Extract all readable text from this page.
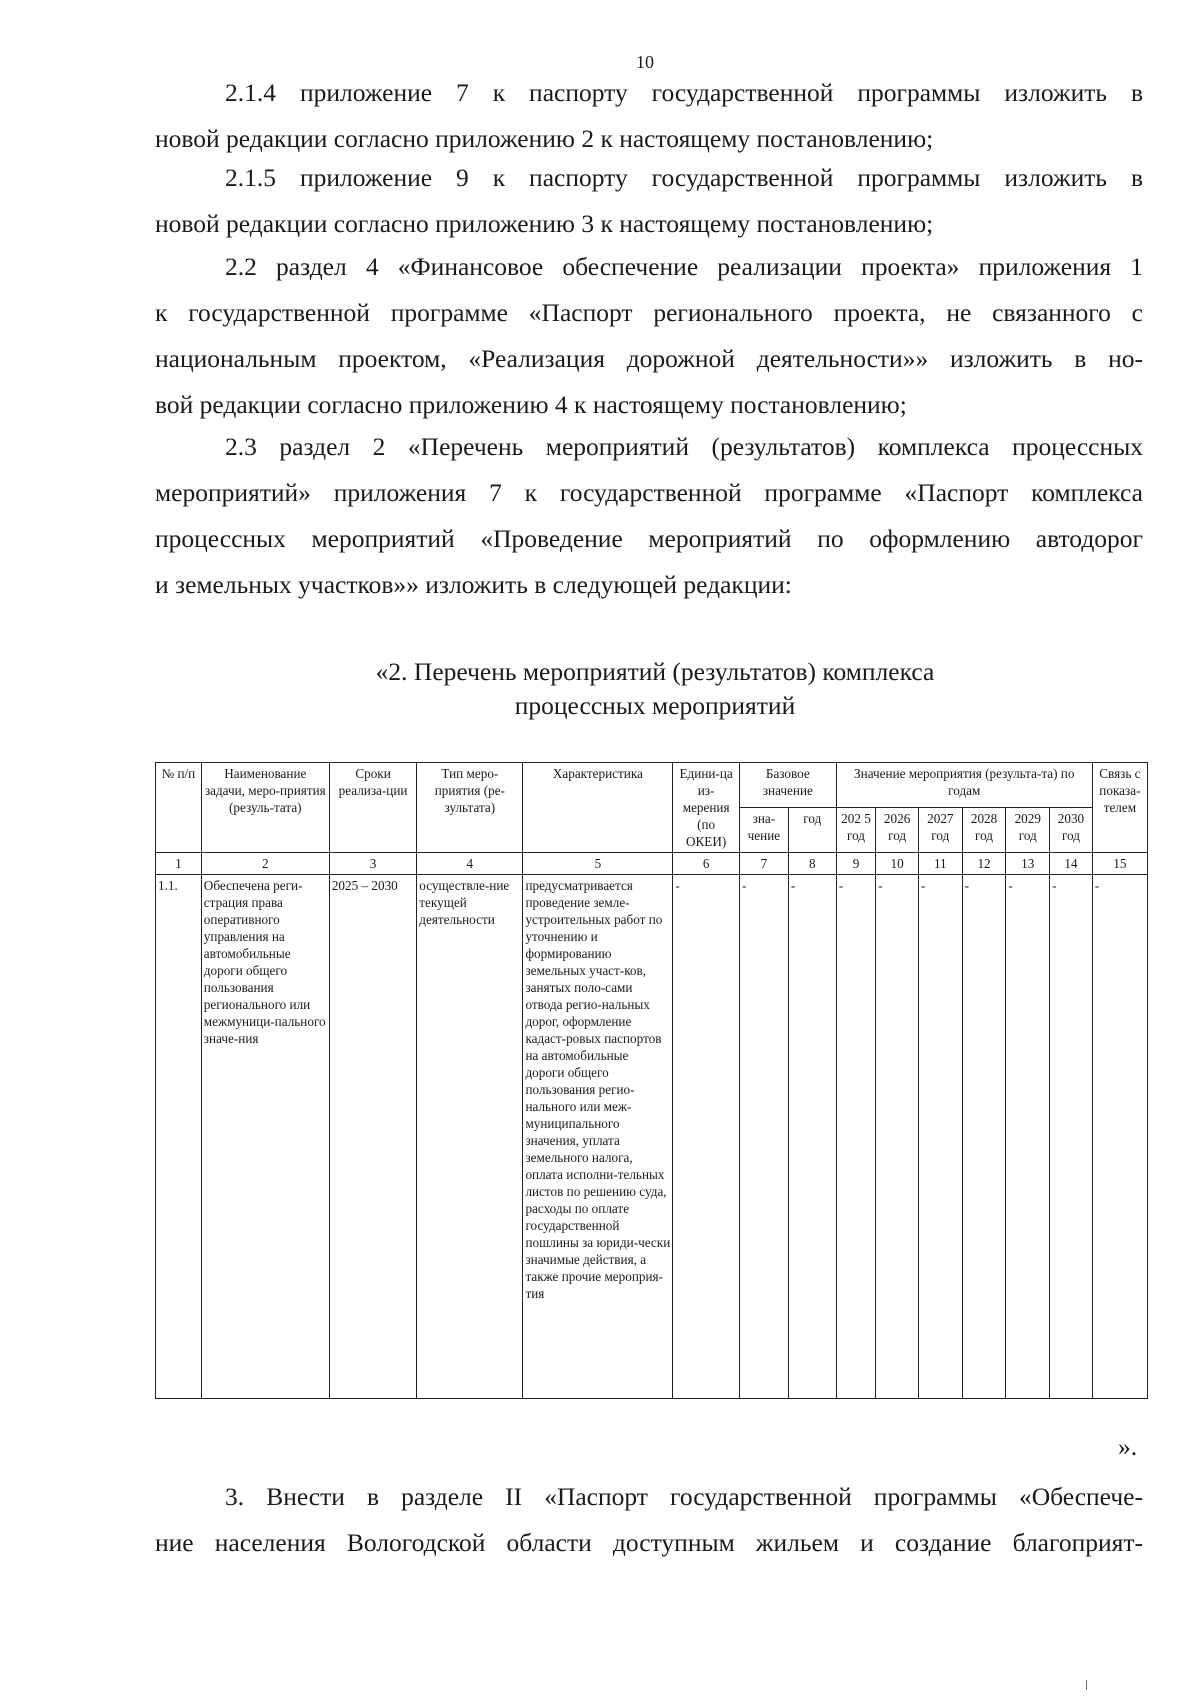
10
2.1.4 приложение 7 к паспорту государственной программы изложить в
новой редакции согласно приложению 2 к настоящему постановлению;
2.1.5 приложение 9 к паспорту государственной программы изложить в
новой редакции согласно приложению 3 к настоящему постановлению;
2.2 раздел 4 «Финансовое обеспечение реализации проекта» приложения 1
к государственной программе «Паспорт регионального проекта, не связанного с
национальным проектом, «Реализация дорожной деятельности»» изложить в но-
вой редакции согласно приложению 4 к настоящему постановлению;
2.3 раздел 2 «Перечень мероприятий (результатов) комплекса процессных
мероприятий» приложения 7 к государственной программе «Паспорт комплекса
процессных мероприятий «Проведение мероприятий по оформлению автодорог
и земельных участков»» изложить в следующей редакции:
«2. Перечень мероприятий (результатов) комплекса
процессных мероприятий
№ п/п	Наименование задачи, меро-приятия (резуль-тата)	Сроки реализа-ции	Тип меро-приятия (ре-зультата)	Характеристика	Едини-ца из-мерения (по ОКЕИ)	Базовое значение		Значение мероприятия (результа-та) по годам						Связь с показа-телем
						зна-чение	год	202 5 год	2026 год	2027 год	2028 год	2029 год	2030 год	
1	2	3	4	5	6	7	8	9	10	11	12	13	14	15
1.1.	Обеспечена реги-страция права оперативного управления на автомобильные дороги общего пользования регионального или межмуници-пального значе-ния	2025 – 2030	осуществле-ние текущей деятельности	предусматривается проведение земле-устроительных работ по уточнению и формированию земельных участ-ков, занятых поло-сами отвода регио-нальных дорог, оформление кадаст-ровых паспортов на автомобильные дороги общего пользования регио-нального или меж-муниципального значения, уплата земельного налога, оплата исполни-тельных листов по решению суда, расходы по оплате государственной пошлины за юриди-чески значимые действия, а также прочие мероприя-тия	-	-	-	-	-	-	-	-	-	-
».
3. Внести в разделе II «Паспорт государственной программы «Обеспече-
ние населения Вологодской области доступным жильем и создание благоприят-
